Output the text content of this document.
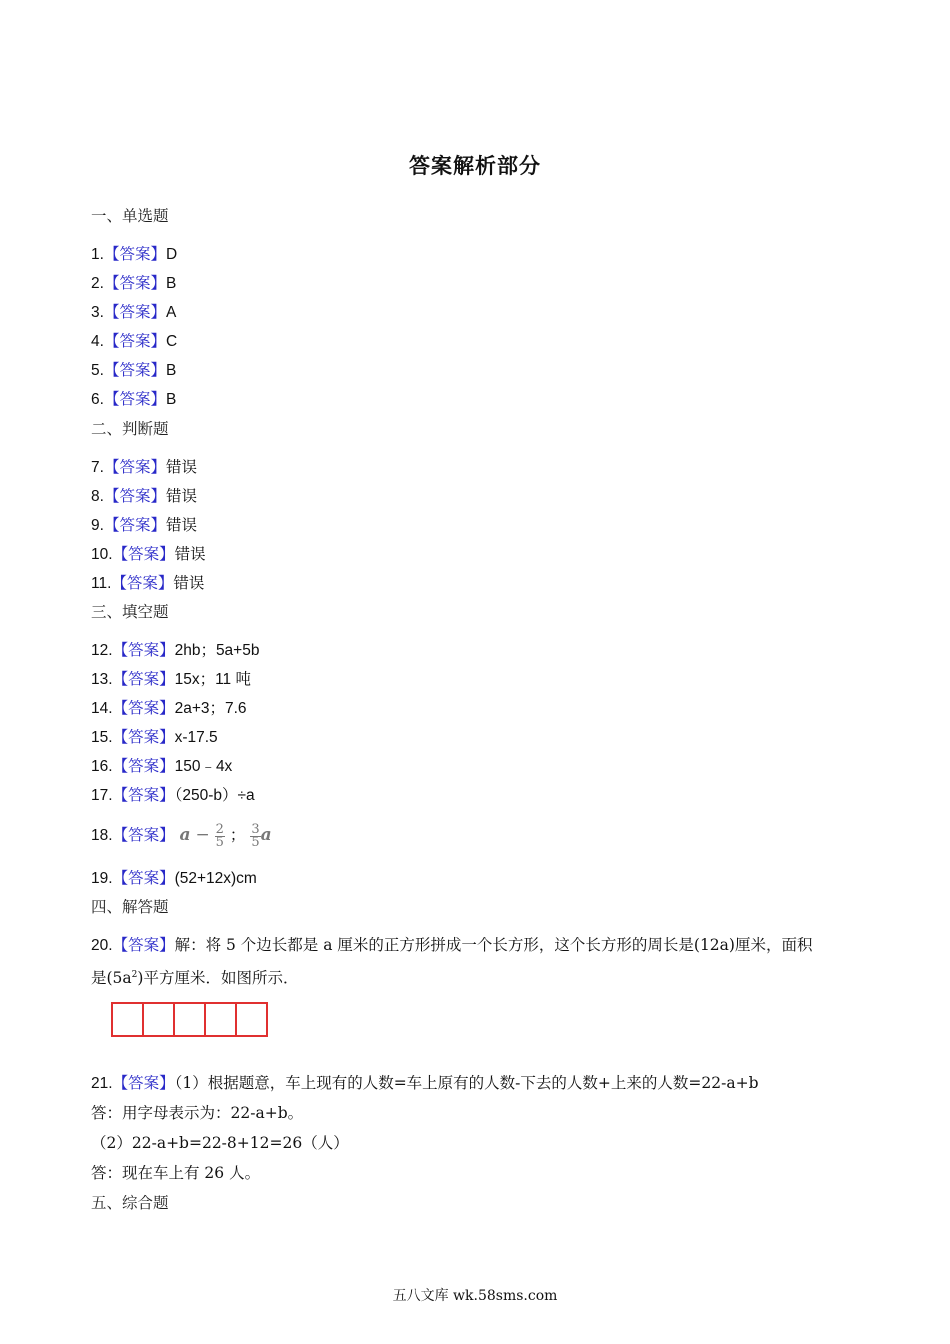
答案解析部分
一、单选题
1.【答案】D
2.【答案】B
3.【答案】A
4.【答案】C
5.【答案】B
6.【答案】B
二、判断题
7.【答案】错误
8.【答案】错误
9.【答案】错误
10.【答案】错误
11.【答案】错误
三、填空题
12.【答案】2hb；5a+5b
13.【答案】15x；11 吨
14.【答案】2a+3；7.6
15.【答案】x-17.5
16.【答案】150﹣4x
17.【答案】（250-b）÷a
18.【答案】 $a - \frac{2}{5}$ ； $\frac{3}{5}$ a
19.【答案】(52+12x)cm
四、解答题
20.【答案】解：将 5 个边长都是 a 厘米的正方形拼成一个长方形，这个长方形的周长是(12a)厘米，面积
是$(5a^2)$平方厘米．如图所示．
21.【答案】（1）根据题意，车上现有的人数=车上原有的人数-下去的人数+上来的人数=22-a+b
答：用字母表示为：22-a+b。
（2）22-a+b=22-8+12=26（人）
答：现在车上有 26 人。
五、综合题
五八文库 wk.58sms.com
